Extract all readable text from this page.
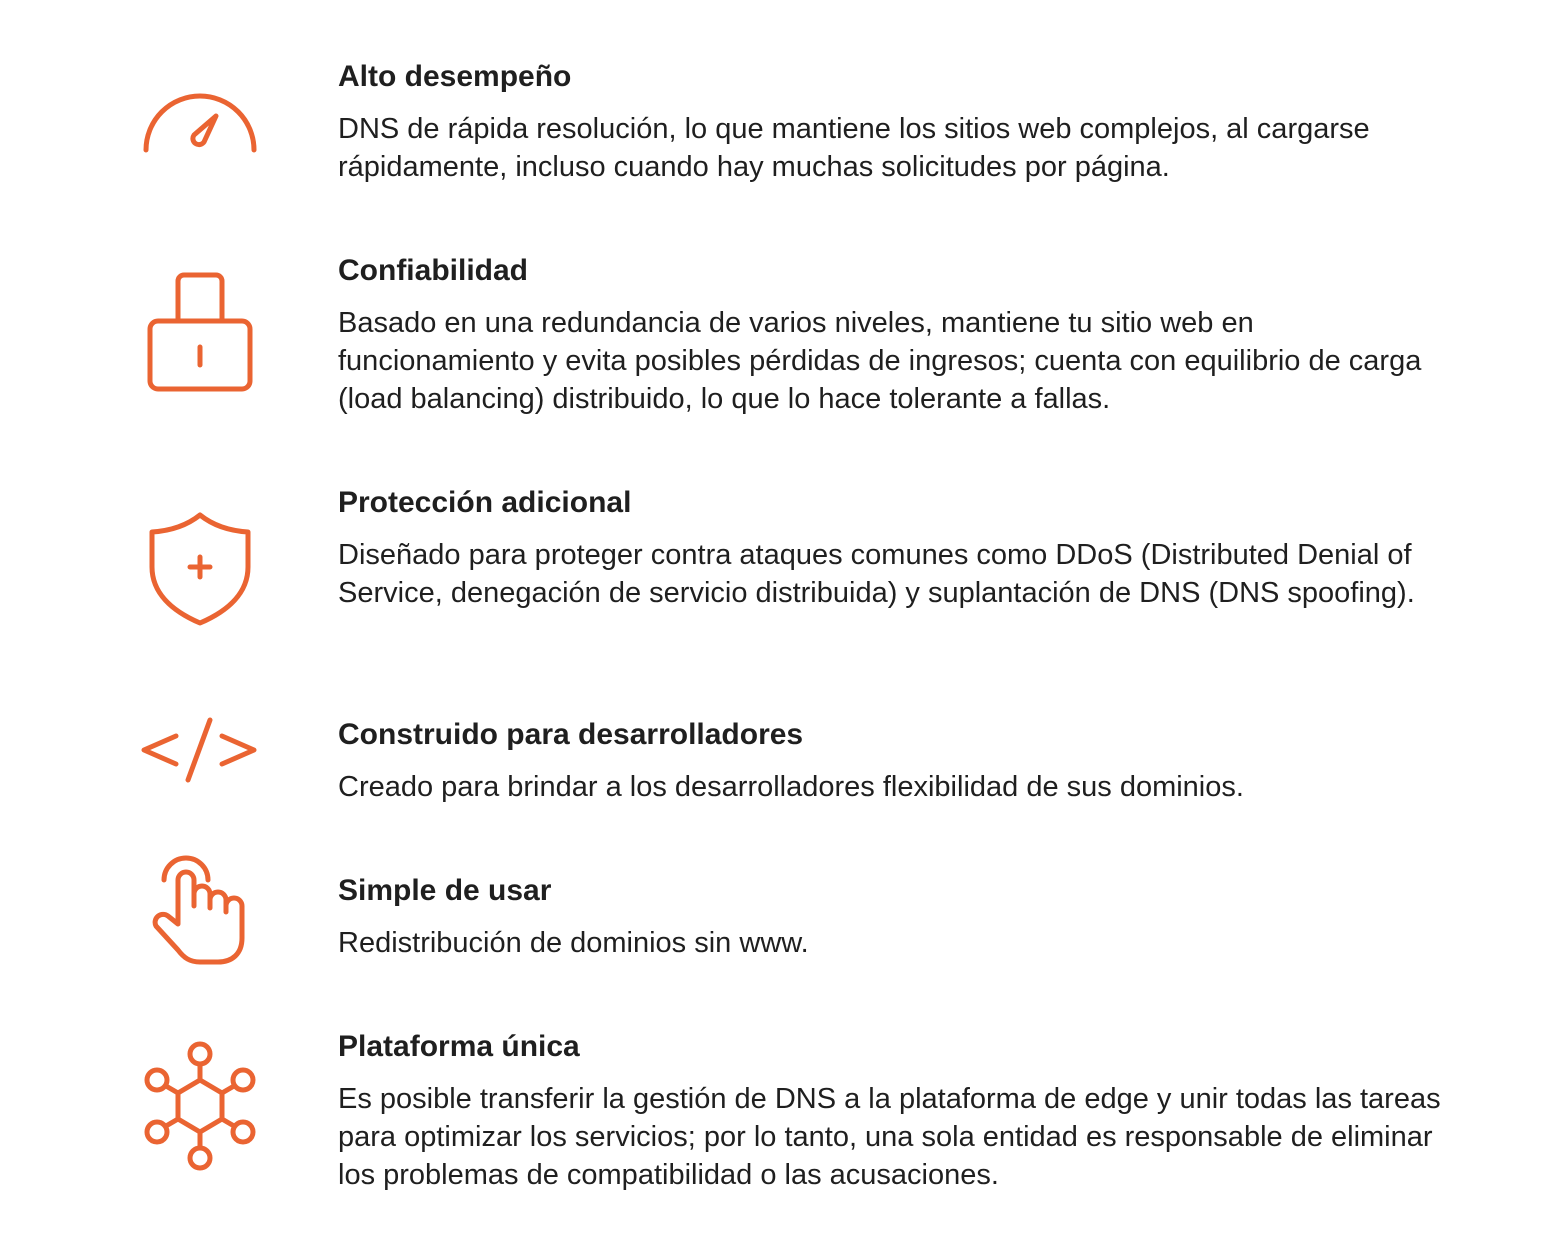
Alto desempeño

DNS de rápida resolución, lo que mantiene los sitios web complejos, al cargarse rápidamente, incluso cuando hay muchas solicitudes por página.

Confiabilidad

Basado en una redundancia de varios niveles, mantiene tu sitio web en funcionamiento y evita posibles pérdidas de ingresos; cuenta con equilibrio de carga (load balancing) distribuido, lo que lo hace tolerante a fallas.

Protección adicional

Diseñado para proteger contra ataques comunes como DDoS (Distributed Denial of Service, denegación de servicio distribuida) y suplantación de DNS (DNS spoofing).

Construido para desarrolladores

Creado para brindar a los desarrolladores flexibilidad de sus dominios.

Simple de usar

Redistribución de dominios sin www.

Plataforma única

Es posible transferir la gestión de DNS a la plataforma de edge y unir todas las tareas para optimizar los servicios; por lo tanto, una sola entidad es responsable de eliminar los problemas de compatibilidad o las acusaciones.
